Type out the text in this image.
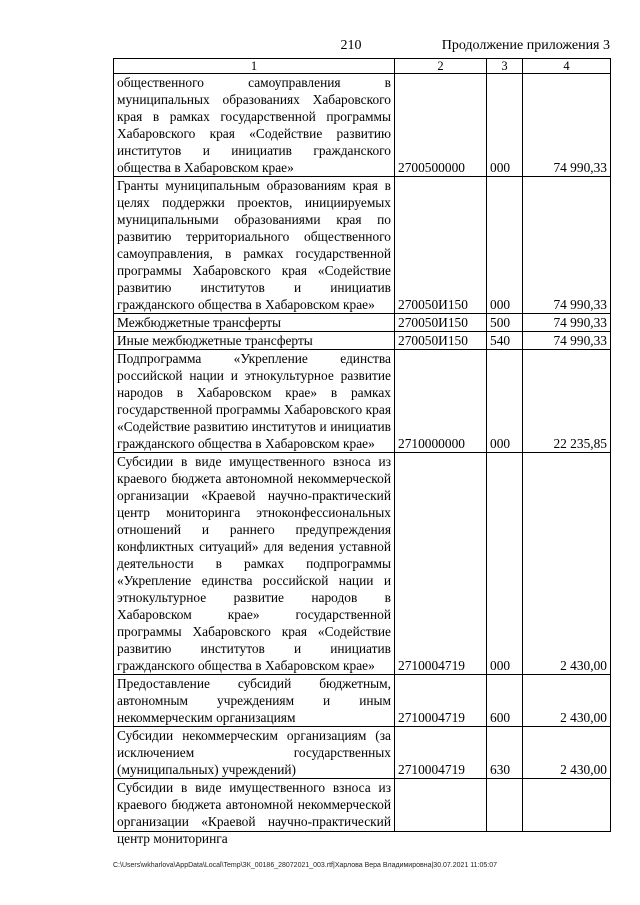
210	Продолжение приложения 3
1	2	3	4
общественного самоуправления в муниципальных образованиях Хабаровского края в рамках государственной программы Хабаровского края «Содействие развитию институтов и инициатив гражданского общества в Хабаровском крае»	2700500000	000	74 990,33
Гранты муниципальным образованиям края в целях поддержки проектов, инициируемых муниципальными образованиями края по развитию территориального общественного самоуправления, в рамках государственной программы Хабаровского края «Содействие развитию институтов и инициатив гражданского общества в Хабаровском крае»	270050И150	000	74 990,33
Межбюджетные трансферты	270050И150	500	74 990,33
Иные межбюджетные трансферты	270050И150	540	74 990,33
Подпрограмма «Укрепление единства российской нации и этнокультурное развитие народов в Хабаровском крае» в рамках государственной программы Хабаровского края «Содействие развитию институтов и инициатив гражданского общества в Хабаровском крае»	2710000000	000	22 235,85
Субсидии в виде имущественного взноса из краевого бюджета автономной некоммерческой организации «Краевой научно-практический центр мониторинга этноконфессиональных отношений и раннего предупреждения конфликтных ситуаций» для ведения уставной деятельности в рамках подпрограммы «Укрепление единства российской нации и этнокультурное развитие народов в Хабаровском крае» государственной программы Хабаровского края «Содействие развитию институтов и инициатив гражданского общества в Хабаровском крае»	2710004719	000	2 430,00
Предоставление субсидий бюджетным, автономным учреждениям и иным некоммерческим организациям	2710004719	600	2 430,00
Субсидии некоммерческим организациям (за исключением государственных (муниципальных) учреждений)	2710004719	630	2 430,00

Субсидии в виде имущественного взноса из краевого бюджета автономной некоммерческой организации «Краевой научно-практический центр мониторинга			

C:\Users\wkharlova\AppData\Local\Temp\ЗК_00186_28072021_003.rtf|Харлова Вера Владимировна|30.07.2021 11:05:07
